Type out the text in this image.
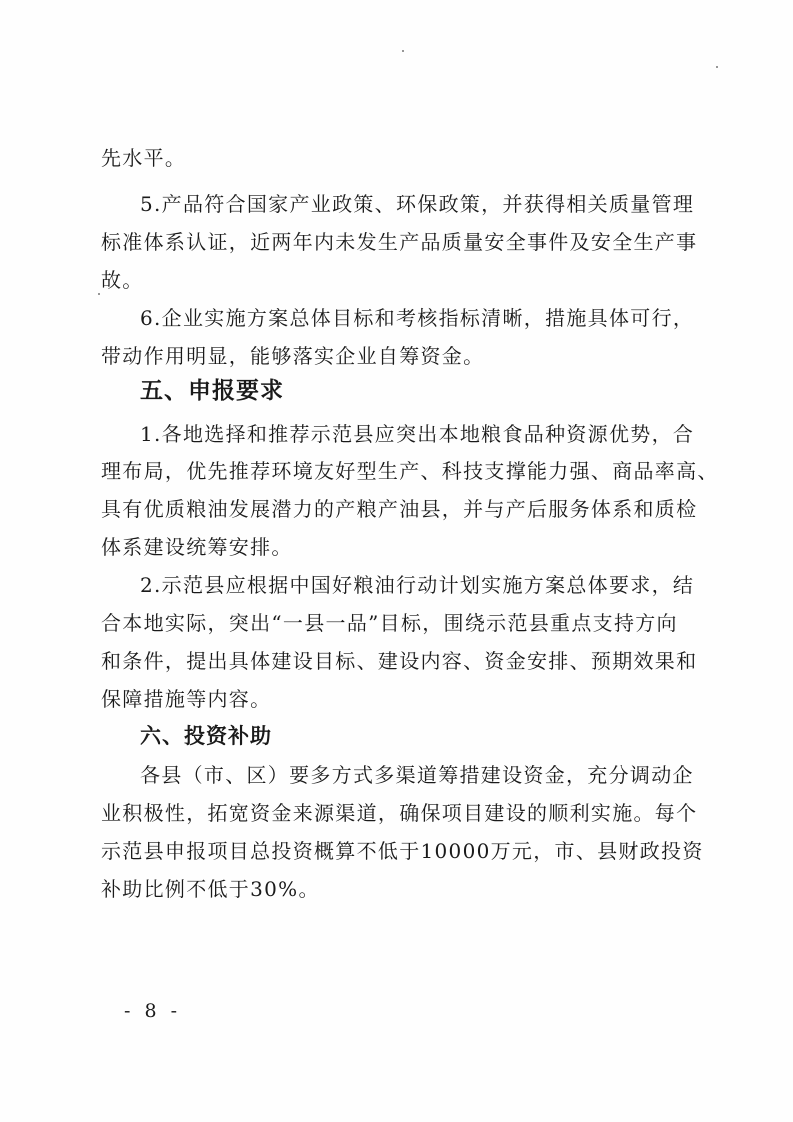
先水平。
5.产品符合国家产业政策、环保政策，并获得相关质量管理
标准体系认证，近两年内未发生产品质量安全事件及安全生产事
故。
6.企业实施方案总体目标和考核指标清晰，措施具体可行，
带动作用明显，能够落实企业自筹资金。
五、申报要求
1.各地选择和推荐示范县应突出本地粮食品种资源优势，合
理布局，优先推荐环境友好型生产、科技支撑能力强、商品率高、
具有优质粮油发展潜力的产粮产油县，并与产后服务体系和质检
体系建设统筹安排。
2.示范县应根据中国好粮油行动计划实施方案总体要求，结
合本地实际，突出“一县一品”目标，围绕示范县重点支持方向
和条件，提出具体建设目标、建设内容、资金安排、预期效果和
保障措施等内容。
六、投资补助
各县（市、区）要多方式多渠道筹措建设资金，充分调动企
业积极性，拓宽资金来源渠道，确保项目建设的顺利实施。每个
示范县申报项目总投资概算不低于10000万元，市、县财政投资
补助比例不低于30%。
- 8 -
